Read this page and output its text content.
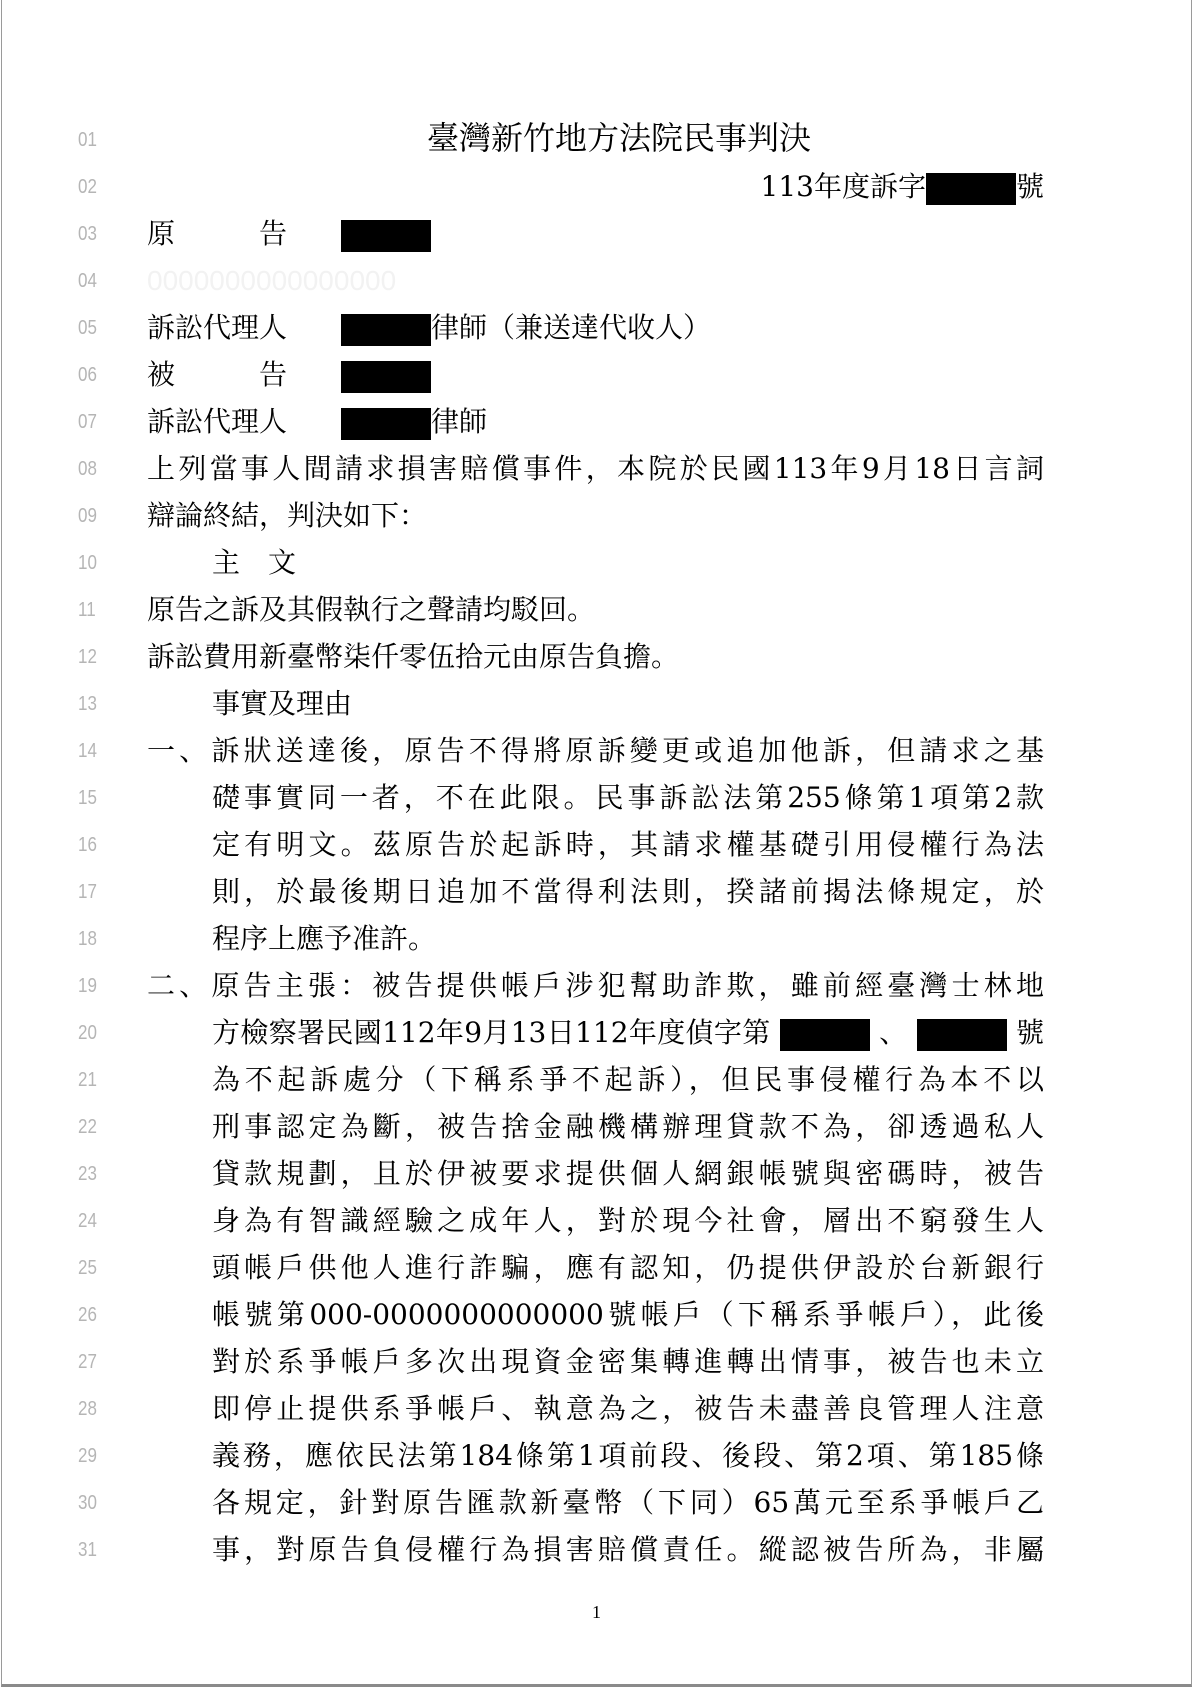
01
02
03
04
05
06
07
08
09
10
11
12
13
14
15
16
17
18
19
20
21
22
23
24
25
26
27
28
29
30
31
臺灣新竹地方法院民事判決
113年度訴字	號
原　　　告
0000000000000000
訴訟代理人	律師（兼送達代收人）
被　　　告
訴訟代理人	律師
上列當事人間請求損害賠償事件，本院於民國113年9月18日言詞
辯論終結，判決如下：
主　文
原告之訴及其假執行之聲請均駁回。
訴訟費用新臺幣柒仟零伍拾元由原告負擔。
事實及理由
一、訴狀送達後，原告不得將原訴變更或追加他訴，但請求之基
礎事實同一者，不在此限。民事訴訟法第255條第1項第2款
定有明文。茲原告於起訴時，其請求權基礎引用侵權行為法
則，於最後期日追加不當得利法則，揆諸前揭法條規定，於
程序上應予准許。
二、原告主張：被告提供帳戶涉犯幫助詐欺，雖前經臺灣士林地
方檢察署民國112年9月13日112年度偵字第	、	號
為不起訴處分（下稱系爭不起訴），但民事侵權行為本不以
刑事認定為斷，被告捨金融機構辦理貸款不為，卻透過私人
貸款規劃，且於伊被要求提供個人網銀帳號與密碼時，被告
身為有智識經驗之成年人，對於現今社會，層出不窮發生人
頭帳戶供他人進行詐騙，應有認知，仍提供伊設於台新銀行
帳號第000-0000000000000號帳戶（下稱系爭帳戶），此後
對於系爭帳戶多次出現資金密集轉進轉出情事，被告也未立
即停止提供系爭帳戶、執意為之，被告未盡善良管理人注意
義務，應依民法第184條第1項前段、後段、第2項、第185條
各規定，針對原告匯款新臺幣（下同）65萬元至系爭帳戶乙
事，對原告負侵權行為損害賠償責任。縱認被告所為，非屬
1
